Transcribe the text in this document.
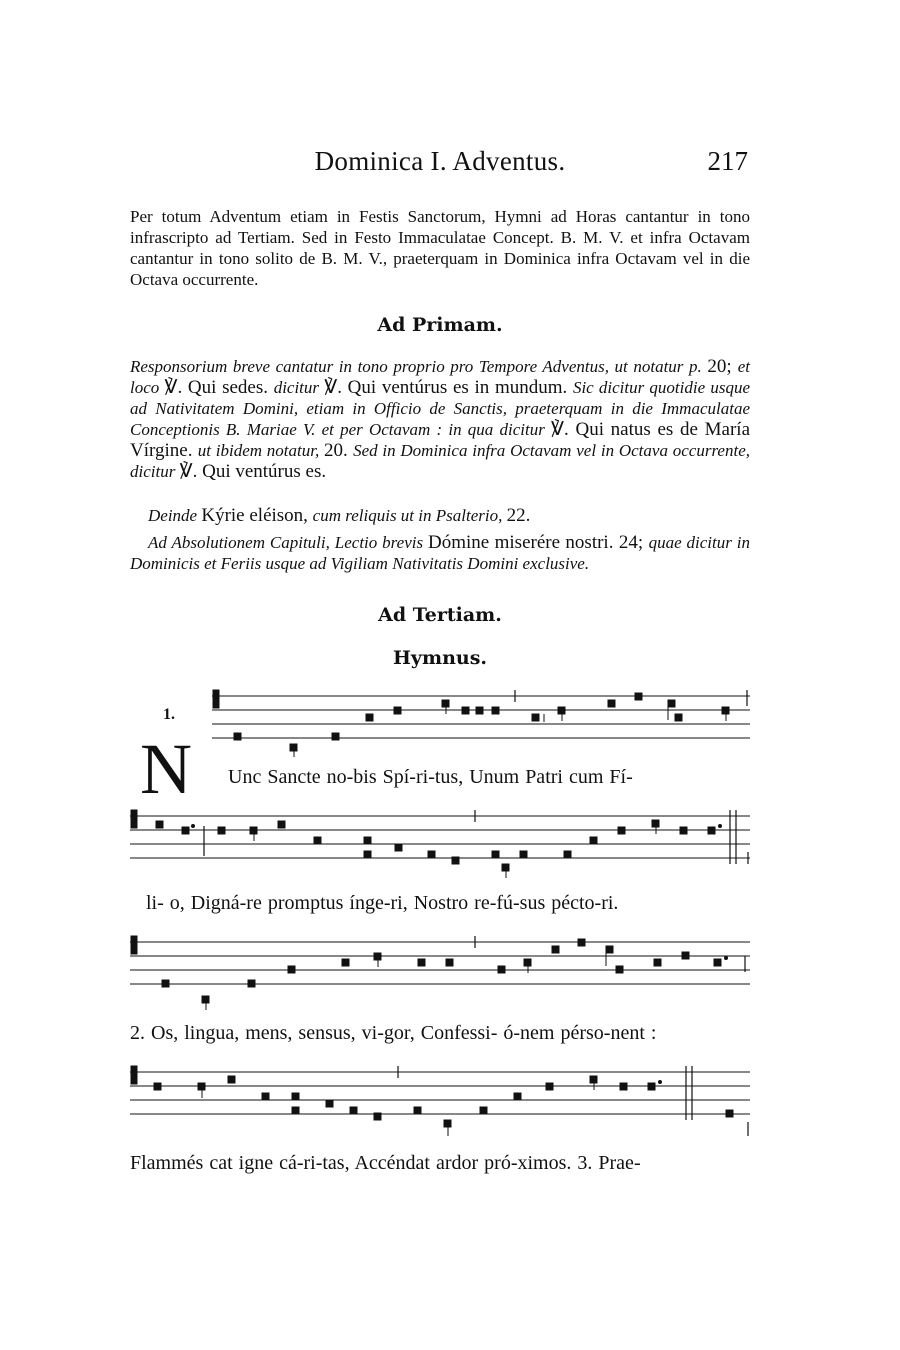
Dominica I. Adventus.	217
Per totum Adventum etiam in Festis Sanctorum, Hymni ad Horas cantantur in tono infrascripto ad Tertiam. Sed in Festo Immaculatae Concept. B. M. V. et infra Octavam cantantur in tono solito de B. M. V., praeterquam in Dominica infra Octavam vel in die Octava occurrente.
Ad Primam.
Responsorium breve cantatur in tono proprio pro Tempore Adventus, ut notatur p. 20; et loco ℣. Qui sedes. dicitur ℣. Qui ventúrus es in mundum. Sic dicitur quotidie usque ad Nativitatem Domini, etiam in Officio de Sanctis, praeterquam in die Immaculatae Conceptionis B. Mariae V. et per Octavam : in qua dicitur ℣. Qui natus es de María Vírgine. ut ibidem notatur, 20. Sed in Dominica infra Octavam vel in Octava occurrente, dicitur ℣. Qui ventúrus es.
Deinde Kýrie eléison, cum reliquis ut in Psalterio, 22.
Ad Absolutionem Capituli, Lectio brevis Dómine miserére nostri. 24; quae dicitur in Dominicis et Feriis usque ad Vigiliam Nativitatis Domini exclusive.
Ad Tertiam.
Hymnus.
1.
N Unc Sancte no-bis Spí-ri-tus, Unum Patri cum Fí-
li- o, Digná-re promptus ínge-ri, Nostro re-fú-sus pécto-ri.
2. Os, lingua, mens, sensus, vi-gor, Confessi- ó-nem pérso-nent :
Flammés cat igne cá-ri-tas, Accéndat ardor pró-ximos. 3. Prae-
